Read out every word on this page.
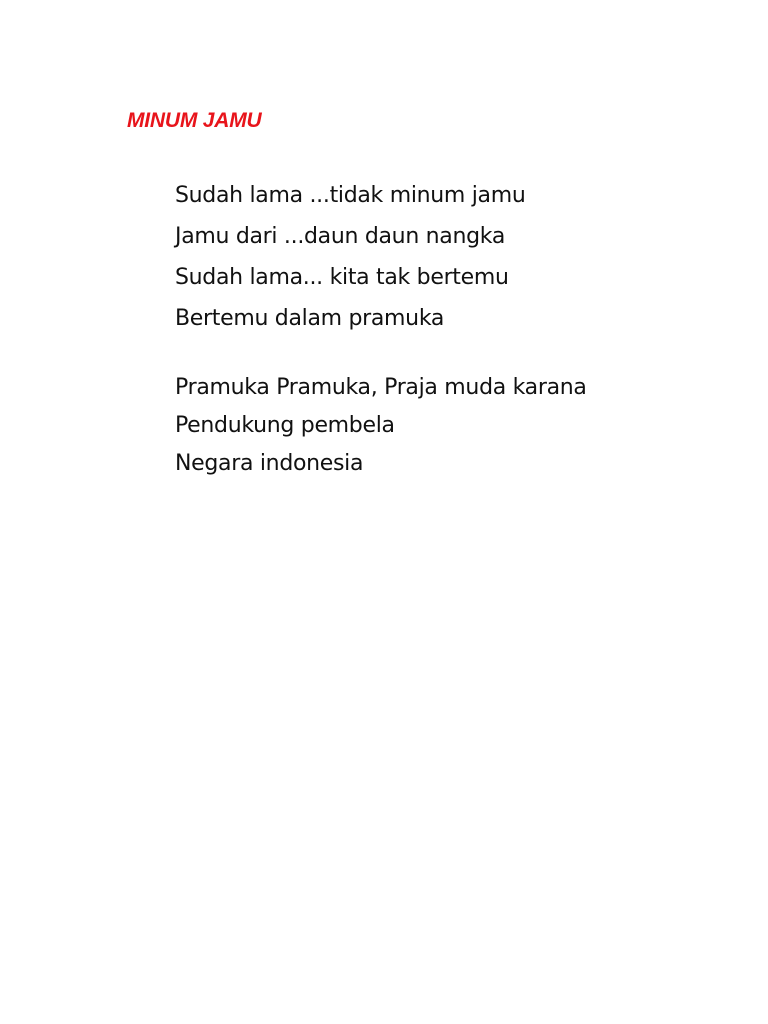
MINUM JAMU
Sudah lama ...tidak minum jamu
Jamu dari ...daun daun nangka
Sudah lama... kita tak bertemu
Bertemu dalam pramuka
Pramuka Pramuka, Praja muda karana
Pendukung pembela
Negara indonesia
